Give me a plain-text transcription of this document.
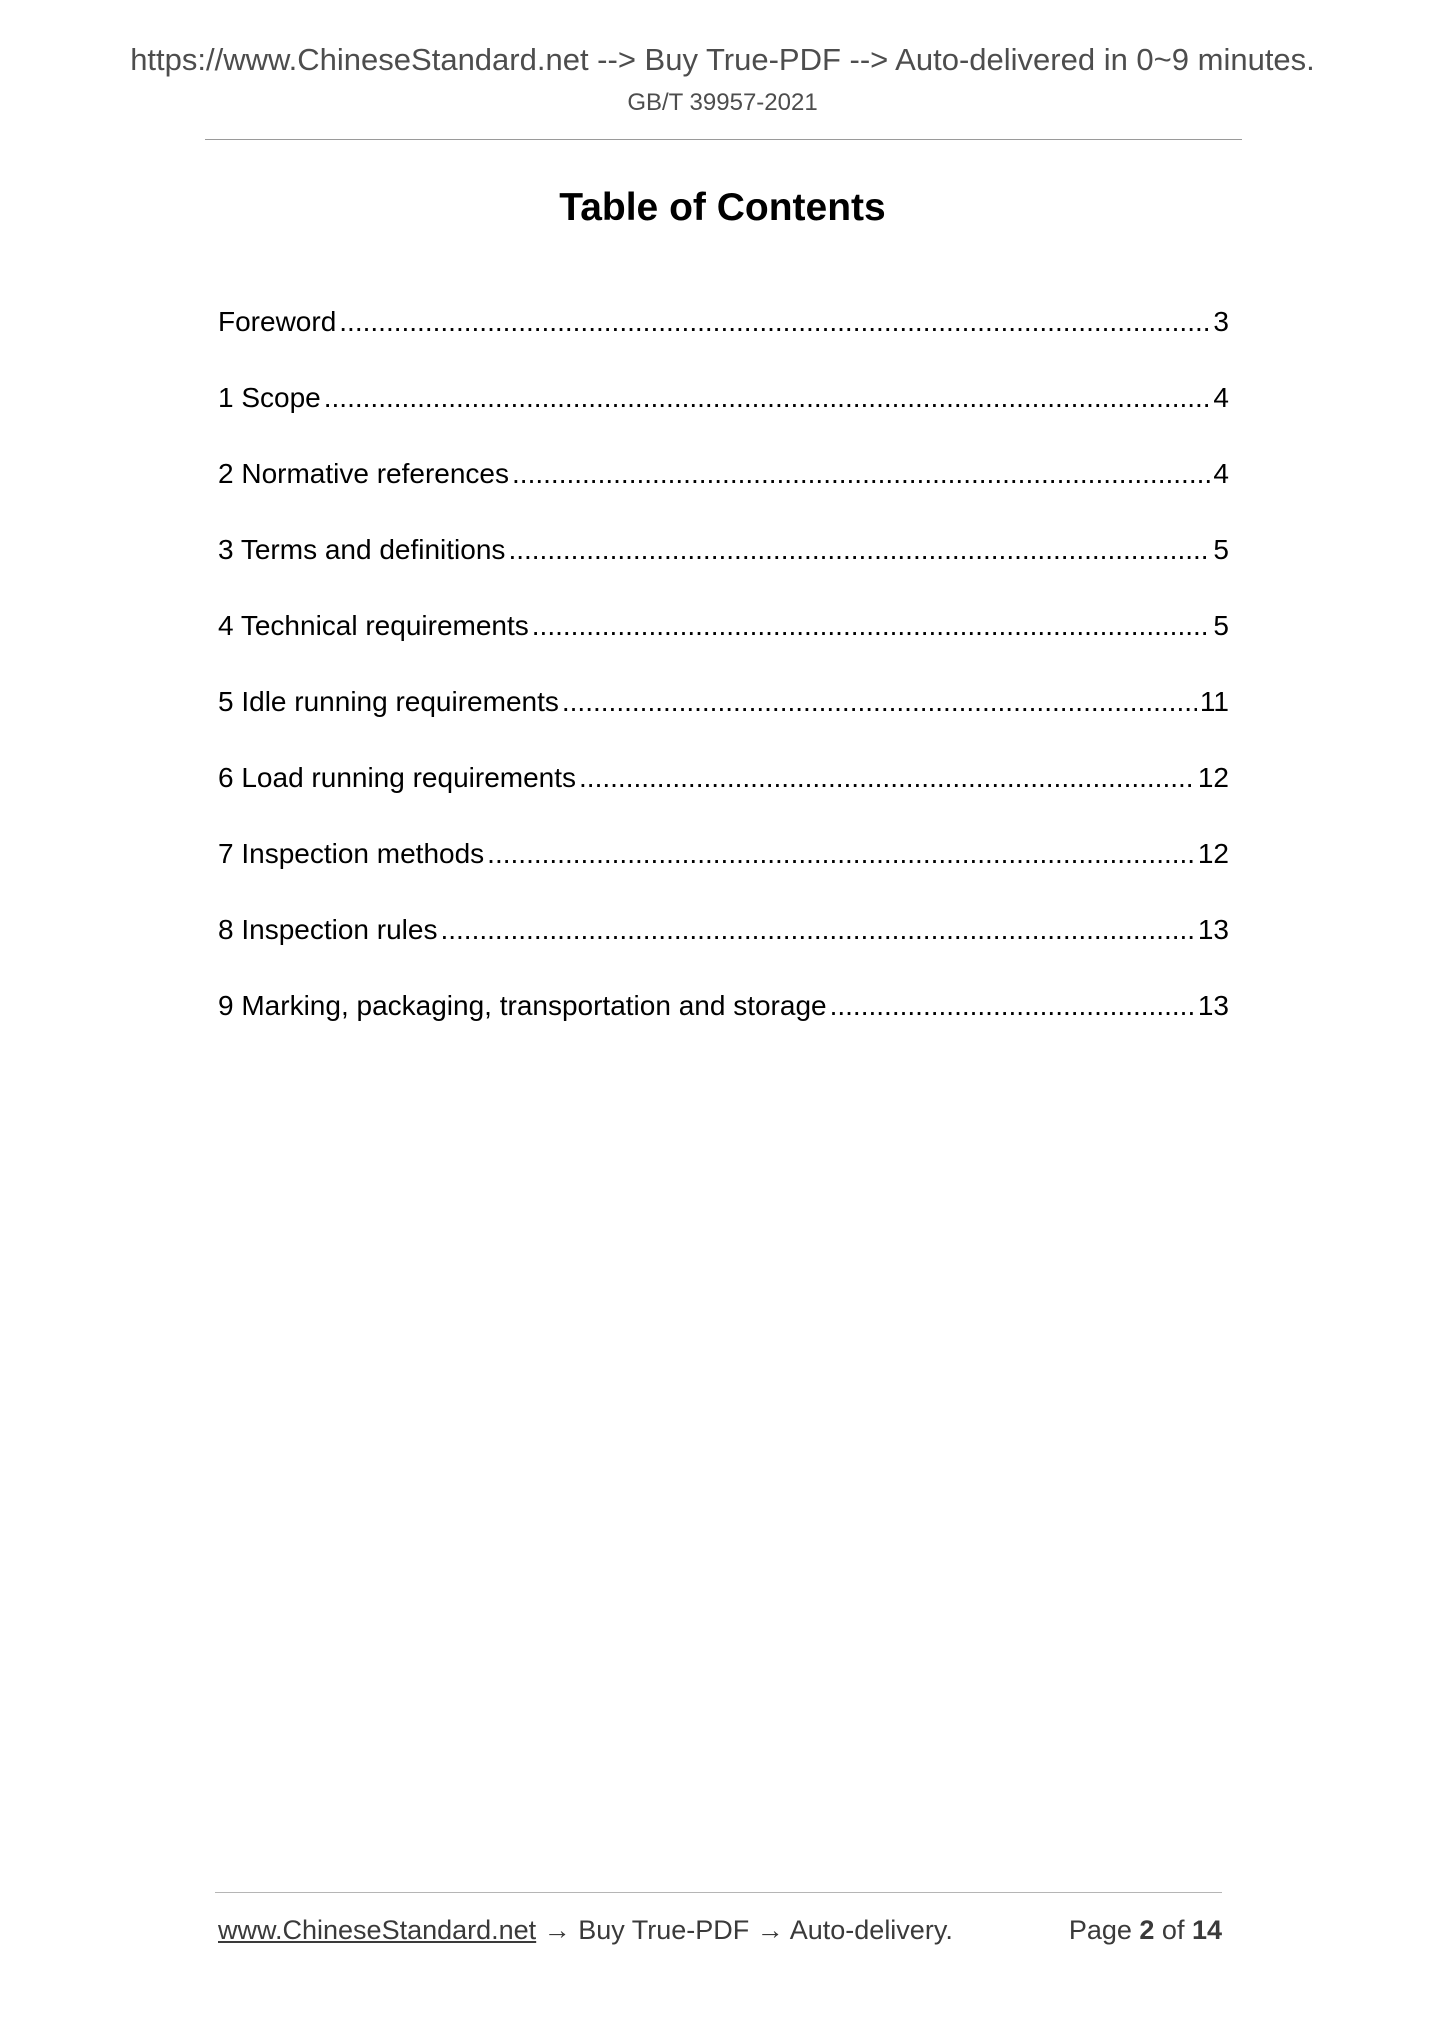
https://www.ChineseStandard.net --> Buy True-PDF --> Auto-delivered in 0~9 minutes.
GB/T 39957-2021
Table of Contents
Foreword .....	3
1 Scope .....	4
2 Normative references .....	4
3 Terms and definitions .....	5
4 Technical requirements .....	5
5 Idle running requirements .....	11
6 Load running requirements .....	12
7 Inspection methods .....	12
8 Inspection rules .....	13
9 Marking, packaging, transportation and storage .....	13
www.ChineseStandard.net → Buy True-PDF → Auto-delivery.	Page 2 of 14
